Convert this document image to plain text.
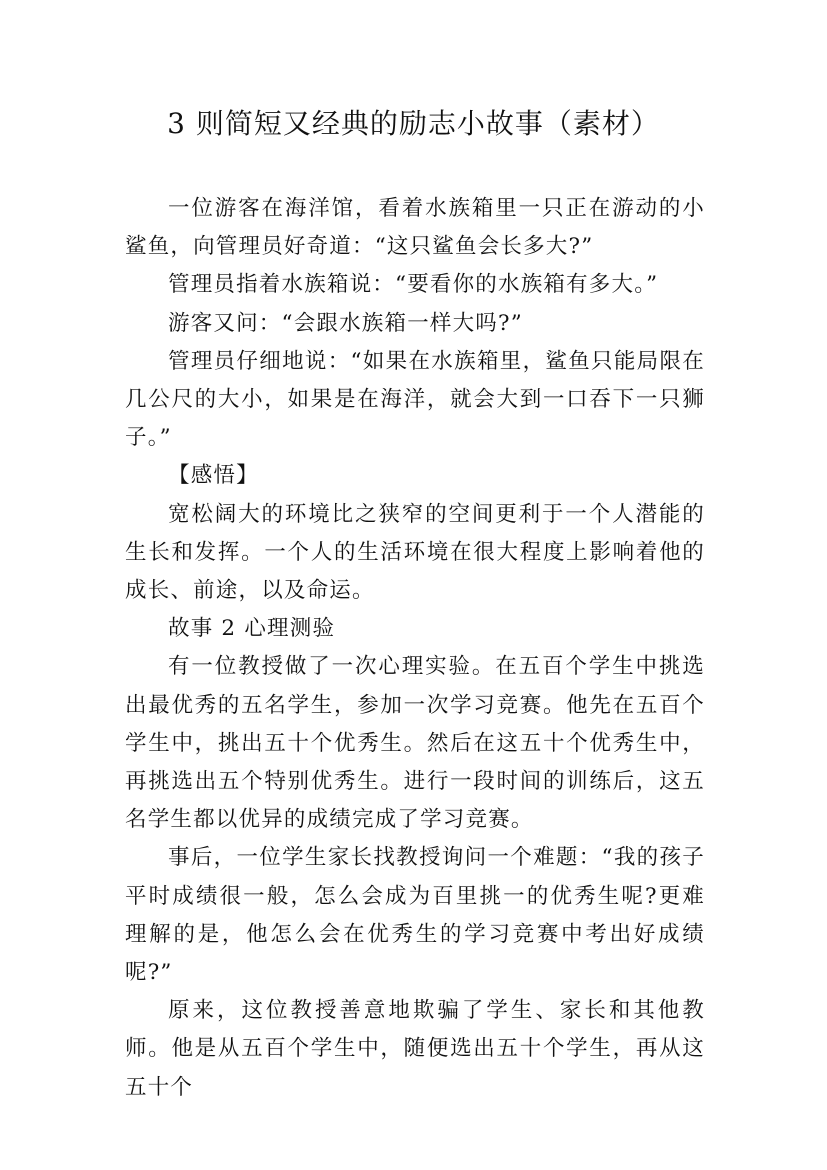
3 则简短又经典的励志小故事（素材）

一位游客在海洋馆，看着水族箱里一只正在游动的小鲨鱼，向管理员好奇道：“这只鲨鱼会长多大?”

管理员指着水族箱说：“要看你的水族箱有多大。”

游客又问：“会跟水族箱一样大吗?”

管理员仔细地说：“如果在水族箱里，鲨鱼只能局限在几公尺的大小，如果是在海洋，就会大到一口吞下一只狮子。”

【感悟】

宽松阔大的环境比之狭窄的空间更利于一个人潜能的生长和发挥。一个人的生活环境在很大程度上影响着他的成长、前途，以及命运。

故事 2 心理测验

有一位教授做了一次心理实验。在五百个学生中挑选出最优秀的五名学生，参加一次学习竞赛。他先在五百个学生中，挑出五十个优秀生。然后在这五十个优秀生中，再挑选出五个特别优秀生。进行一段时间的训练后，这五名学生都以优异的成绩完成了学习竞赛。

事后，一位学生家长找教授询问一个难题：“我的孩子平时成绩很一般，怎么会成为百里挑一的优秀生呢?更难理解的是，他怎么会在优秀生的学习竞赛中考出好成绩呢?”

原来，这位教授善意地欺骗了学生、家长和其他教师。他是从五百个学生中，随便选出五十个学生，再从这五十个
